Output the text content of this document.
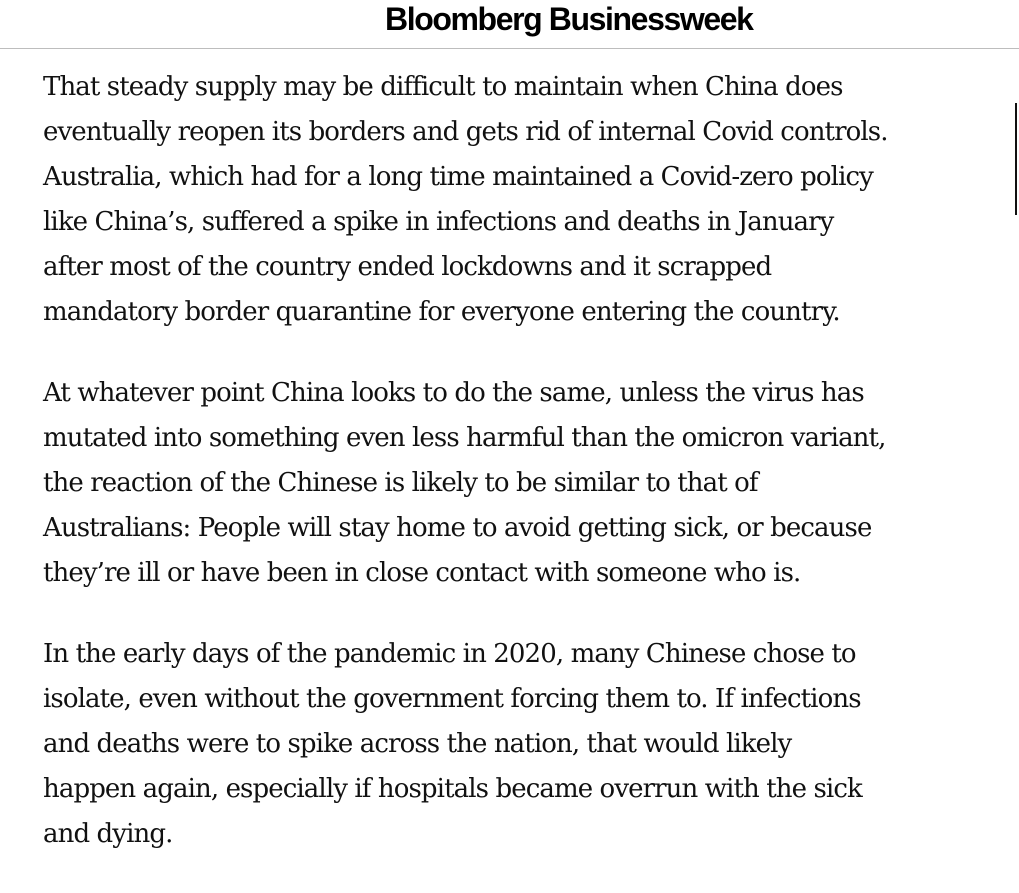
Bloomberg Businessweek

That steady supply may be difficult to maintain when China does
eventually reopen its borders and gets rid of internal Covid controls.
Australia, which had for a long time maintained a Covid-zero policy
like China’s, suffered a spike in infections and deaths in January
after most of the country ended lockdowns and it scrapped
mandatory border quarantine for everyone entering the country.

At whatever point China looks to do the same, unless the virus has
mutated into something even less harmful than the omicron variant,
the reaction of the Chinese is likely to be similar to that of
Australians: People will stay home to avoid getting sick, or because
they’re ill or have been in close contact with someone who is.

In the early days of the pandemic in 2020, many Chinese chose to
isolate, even without the government forcing them to. If infections
and deaths were to spike across the nation, that would likely
happen again, especially if hospitals became overrun with the sick
and dying.
